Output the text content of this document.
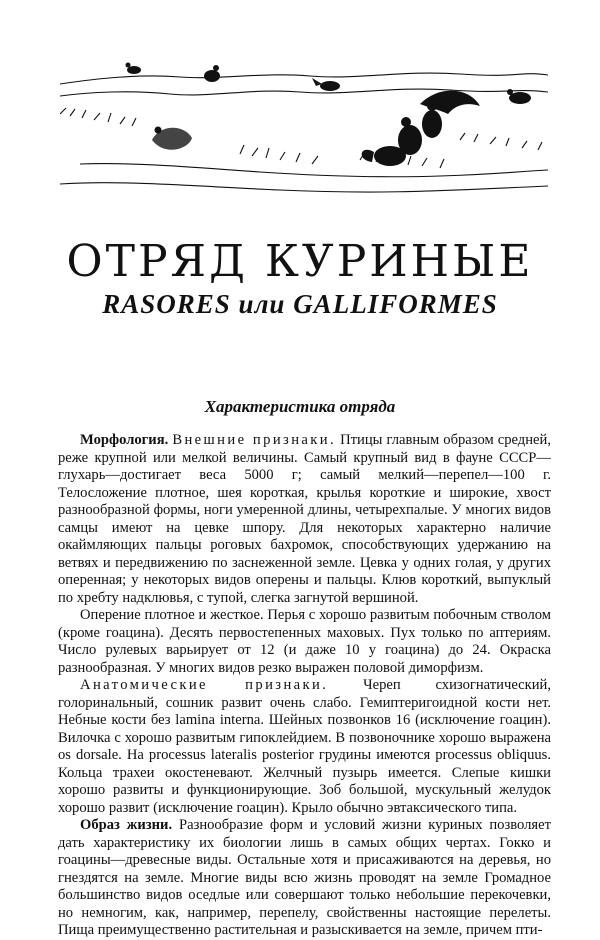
ОТРЯД КУРИНЫЕ
RASORES или GALLIFORMES
Характеристика отряда

Морфология. Внешние признаки. Птицы главным образом средней, реже крупной или мелкой величины. Самый крупный вид в фауне СССР—глухарь—достигает веса 5000 г; самый мелкий—перепел—100 г. Телосложение плотное, шея короткая, крылья короткие и широкие, хвост разнообразной формы, ноги умеренной длины, четырехпалые. У многих видов самцы имеют на цевке шпору. Для некоторых характерно наличие окаймляющих пальцы роговых бахромок, способствующих удержанию на ветвях и передвижению по заснеженной земле. Цевка у одних голая, у других оперенная; у некоторых видов оперены и пальцы. Клюв короткий, выпуклый по хребту надклювья, с тупой, слегка загнутой вершиной.

Оперение плотное и жесткое. Перья с хорошо развитым побочным стволом (кроме гоацина). Десять первостепенных маховых. Пух только по аптериям. Число рулевых варьирует от 12 (и даже 10 у гоацина) до 24. Окраска разнообразная. У многих видов резко выражен половой диморфизм.

Анатомические признаки. Череп схизогнатический, голоринальный, сошник развит очень слабо. Гемиптеригоидной кости нет. Небные кости без lamina interna. Шейных позвонков 16 (исключение гоацин). Вилочка с хорошо развитым гипоклейдием. В позвоночнике хорошо выражена os dorsale. На processus lateralis posterior грудины имеются processus obliquus. Кольца трахеи окостеневают. Желчный пузырь имеется. Слепые кишки хорошо развиты и функционирующие. Зоб большой, мускульный желудок хорошо развит (исключение гоацин). Крыло обычно эвтаксического типа.

Образ жизни. Разнообразие форм и условий жизни куриных позволяет дать характеристику их биологии лишь в самых общих чертах. Гокко и гоацины—древесные виды. Остальные хотя и присаживаются на деревья, но гнездятся на земле. Многие виды всю жизнь проводят на земле Громадное большинство видов оседлые или совершают только небольшие перекочевки, но немногим, как, например, перепелу, свойственны настоящие перелеты. Пища преимущественно растительная и разыскивается на земле, причем пти-
